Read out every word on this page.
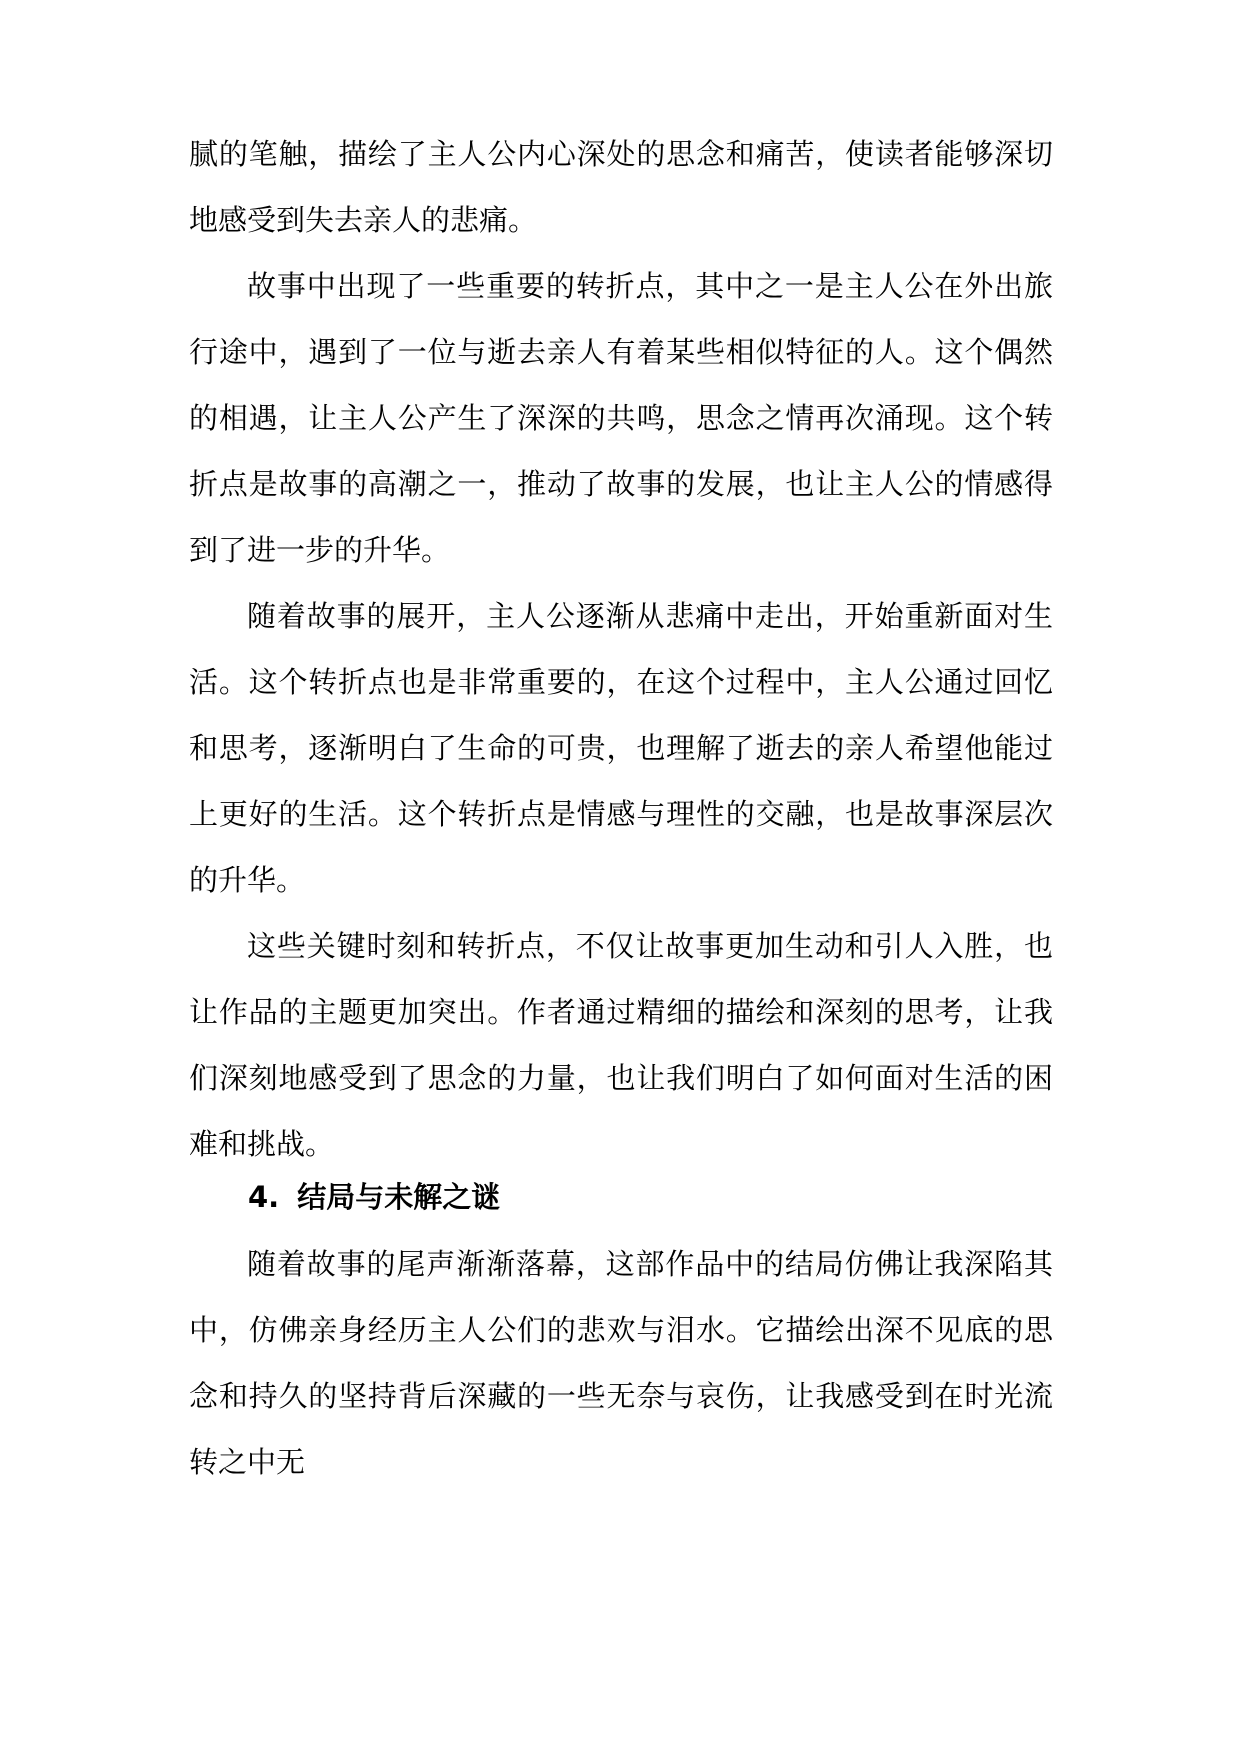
腻的笔触，描绘了主人公内心深处的思念和痛苦，使读者能够深切地感受到失去亲人的悲痛。

故事中出现了一些重要的转折点，其中之一是主人公在外出旅行途中，遇到了一位与逝去亲人有着某些相似特征的人。这个偶然的相遇，让主人公产生了深深的共鸣，思念之情再次涌现。这个转折点是故事的高潮之一，推动了故事的发展，也让主人公的情感得到了进一步的升华。

随着故事的展开，主人公逐渐从悲痛中走出，开始重新面对生活。这个转折点也是非常重要的，在这个过程中，主人公通过回忆和思考，逐渐明白了生命的可贵，也理解了逝去的亲人希望他能过上更好的生活。这个转折点是情感与理性的交融，也是故事深层次的升华。

这些关键时刻和转折点，不仅让故事更加生动和引人入胜，也让作品的主题更加突出。作者通过精细的描绘和深刻的思考，让我们深刻地感受到了思念的力量，也让我们明白了如何面对生活的困难和挑战。

4. 结局与未解之谜

随着故事的尾声渐渐落幕，这部作品中的结局仿佛让我深陷其中，仿佛亲身经历主人公们的悲欢与泪水。它描绘出深不见底的思念和持久的坚持背后深藏的一些无奈与哀伤，让我感受到在时光流转之中无
